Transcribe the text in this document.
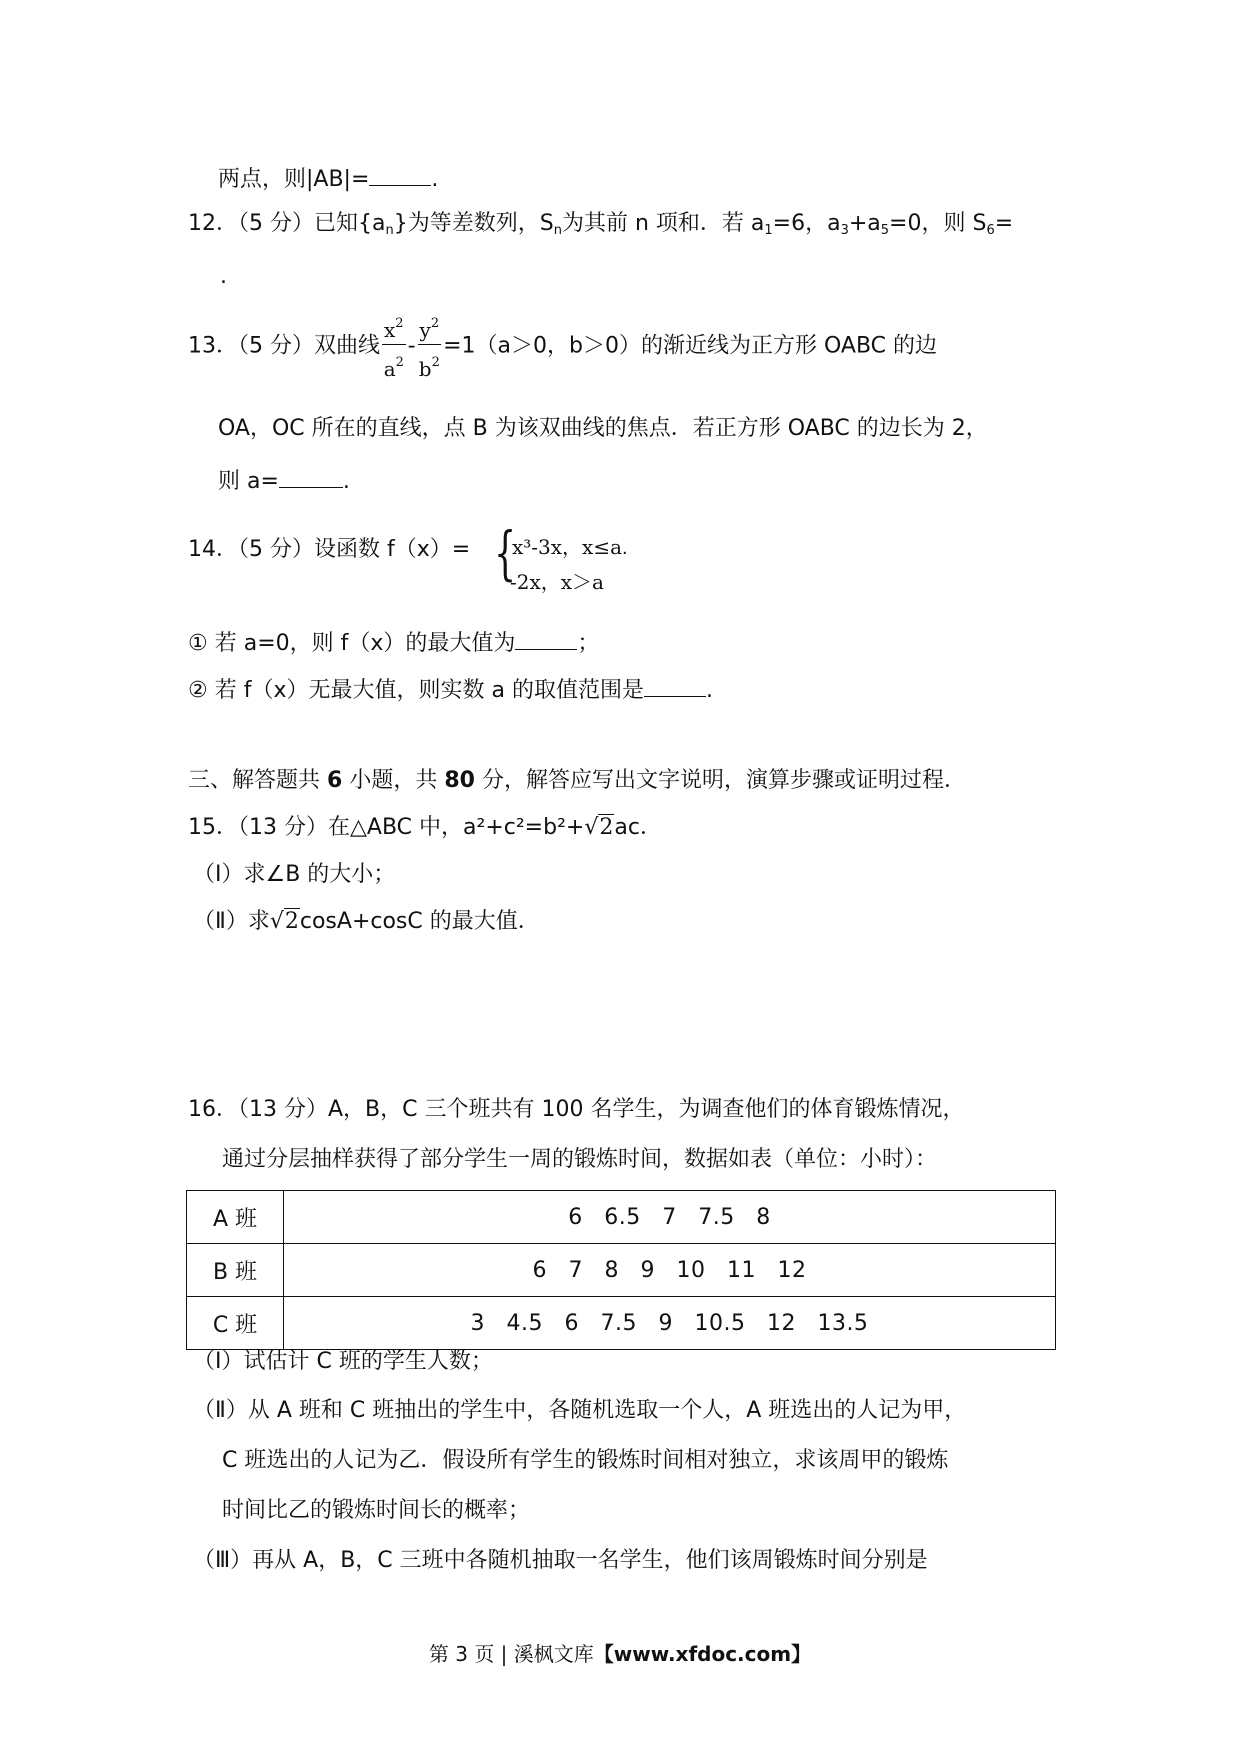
两点，则|AB|=	.
12．（5 分）已知$\{a_n\}$为等差数列，$S_n$为其前 n 项和．若 $a_1=6$，$a_3+a_5=0$，则 $S_6=$
.
13．（5 分）双曲线 $\frac{x^2}{a^2} - \frac{y^2}{b^2} =1(a>0$，b＞0）的渐近线为正方形 OABC 的边
OA，OC 所在的直线，点 B 为该双曲线的焦点．若正方形 OABC 的边长为 2，
则 a=	.
14．（5 分）设函数 f（x）= {
x³-3x，x≤a.
-2x，x＞a
① 若 a=0，则 f（x）的最大值为	；
② 若 f（x）无最大值，则实数 a 的取值范围是	.
三、解答题共 6 小题，共 80 分，解答应写出文字说明，演算步骤或证明过程．
15．（13 分）在△ABC 中，a²+c²=b²+√2ac．
（Ⅰ）求∠B 的大小；
（Ⅱ）求√2cosA+cosC 的最大值．
16．（13 分）A，B，C 三个班共有 100 名学生，为调查他们的体育锻炼情况，
通过分层抽样获得了部分学生一周的锻炼时间，数据如表（单位：小时）：
A 班	6 6.5 7 7.5 8
B 班	6 7 8 9 10 11 12
C 班	3 4.5 6 7.5 9 10.5 12 13.5
（Ⅰ）试估计 C 班的学生人数；
（Ⅱ）从 A 班和 C 班抽出的学生中，各随机选取一个人，A 班选出的人记为甲，
C 班选出的人记为乙．假设所有学生的锻炼时间相对独立，求该周甲的锻炼
时间比乙的锻炼时间长的概率；
（Ⅲ）再从 A，B，C 三班中各随机抽取一名学生，他们该周锻炼时间分别是
第 3 页 | 溪枫文库【www.xfdoc.com】
